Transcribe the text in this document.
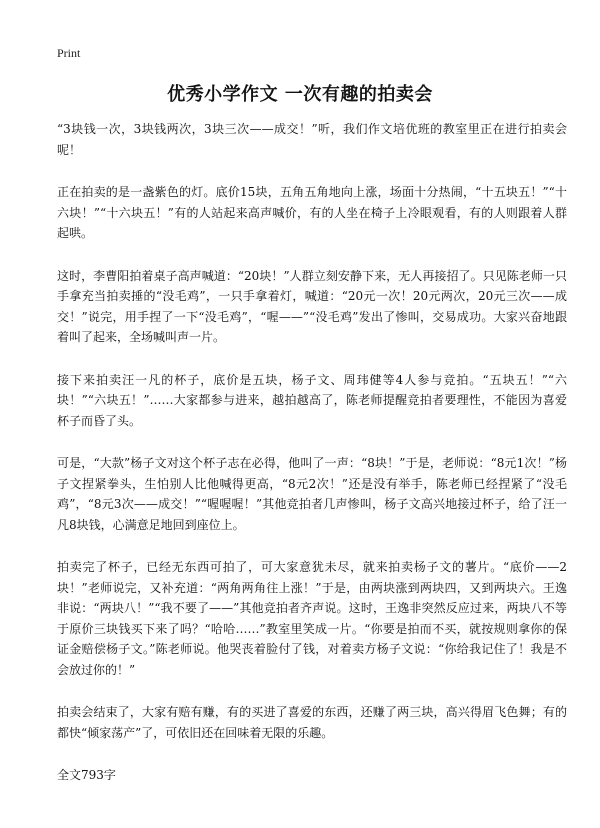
Print
优秀小学作文 一次有趣的拍卖会

“3块钱一次，3块钱两次，3块三次——成交！”听，我们作文培优班的教室里正在进行拍卖会呢！

正在拍卖的是一盏紫色的灯。底价15块，五角五角地向上涨，场面十分热闹，“十五块五！”“十六块！”“十六块五！”有的人站起来高声喊价，有的人坐在椅子上冷眼观看，有的人则跟着人群起哄。

这时，李曹阳拍着桌子高声喊道：“20块！”人群立刻安静下来，无人再接招了。只见陈老师一只手拿充当拍卖捶的“没毛鸡”，一只手拿着灯，喊道：“20元一次！20元两次，20元三次——成交！”说完，用手捏了一下“没毛鸡”，“喔——”“没毛鸡”发出了惨叫，交易成功。大家兴奋地跟着叫了起来，全场喊叫声一片。

接下来拍卖汪一凡的杯子，底价是五块，杨子文、周玮健等4人参与竞拍。“五块五！”“六块！”“六块五！”……大家都参与进来，越拍越高了，陈老师提醒竞拍者要理性，不能因为喜爱杯子而昏了头。

可是，“大款”杨子文对这个杯子志在必得，他叫了一声：“8块！”于是，老师说：“8元1次！”杨子文捏紧拳头，生怕别人比他喊得更高，“8元2次！”还是没有举手，陈老师已经捏紧了“没毛鸡”，“8元3次——成交！”“喔喔喔！”其他竞拍者几声惨叫，杨子文高兴地接过杯子，给了汪一凡8块钱，心满意足地回到座位上。

拍卖完了杯子，已经无东西可拍了，可大家意犹未尽，就来拍卖杨子文的薯片。“底价——2块！”老师说完，又补充道：“两角两角往上涨！”于是，由两块涨到两块四，又到两块六。王逸非说：“两块八！”“我不要了——”其他竞拍者齐声说。这时，王逸非突然反应过来，两块八不等于原价三块钱买下来了吗？“哈哈……”教室里笑成一片。“你要是拍而不买，就按规则拿你的保证金赔偿杨子文。”陈老师说。他哭丧着脸付了钱，对着卖方杨子文说：“你给我记住了！我是不会放过你的！”

拍卖会结束了，大家有赔有赚，有的买进了喜爱的东西，还赚了两三块，高兴得眉飞色舞；有的都快“倾家荡产”了，可依旧还在回味着无限的乐趣。

全文793字
